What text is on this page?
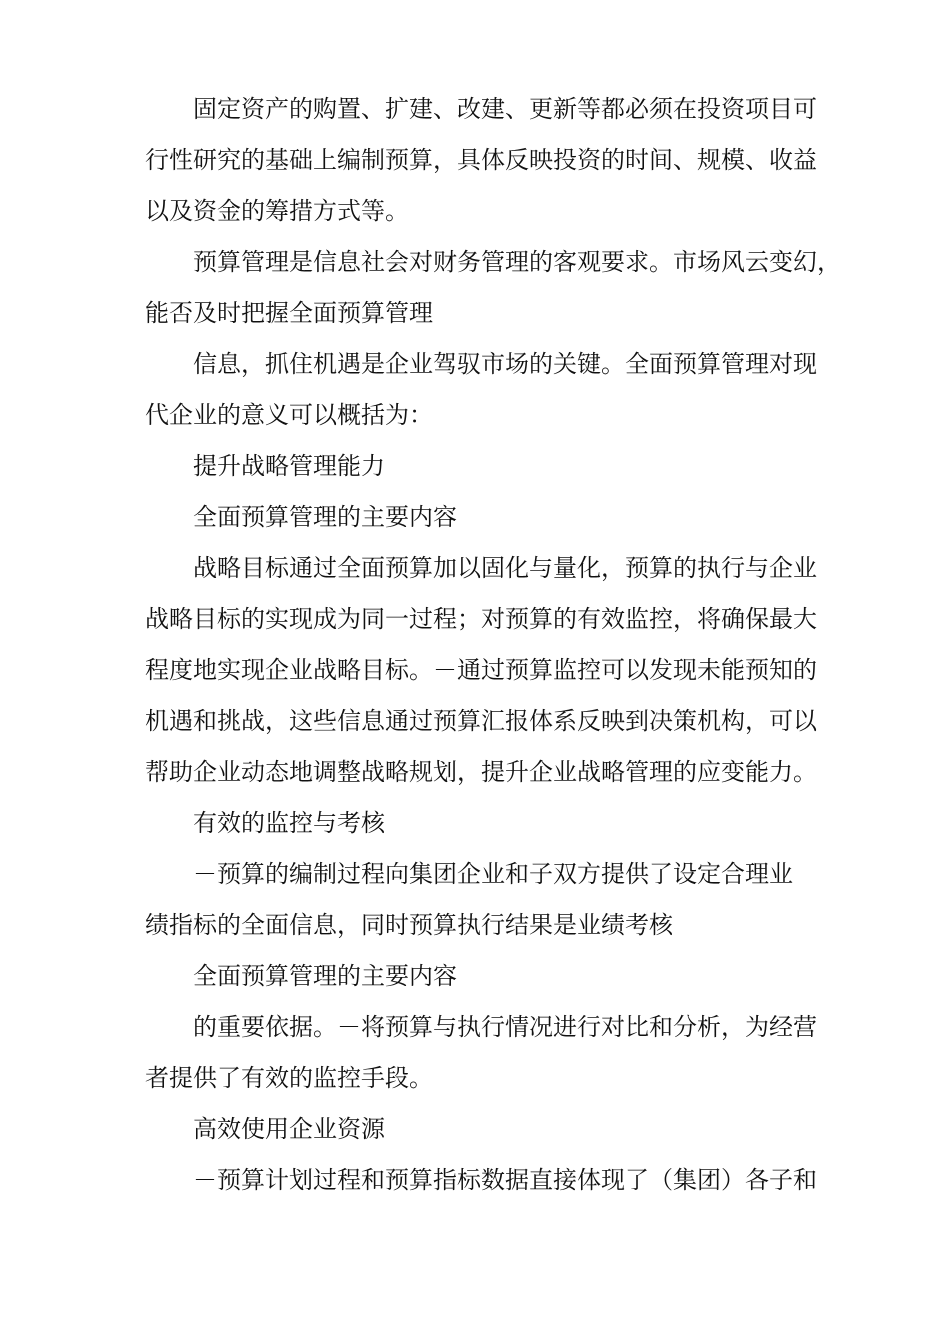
固定资产的购置、扩建、改建、更新等都必须在投资项目可
行性研究的基础上编制预算，具体反映投资的时间、规模、收益
以及资金的筹措方式等。

预算管理是信息社会对财务管理的客观要求。市场风云变幻，
能否及时把握全面预算管理

信息，抓住机遇是企业驾驭市场的关键。全面预算管理对现
代企业的意义可以概括为：

提升战略管理能力

全面预算管理的主要内容

战略目标通过全面预算加以固化与量化，预算的执行与企业
战略目标的实现成为同一过程；对预算的有效监控，将确保最大
程度地实现企业战略目标。－通过预算监控可以发现未能预知的
机遇和挑战，这些信息通过预算汇报体系反映到决策机构，可以
帮助企业动态地调整战略规划，提升企业战略管理的应变能力。

有效的监控与考核

－预算的编制过程向集团企业和子双方提供了设定合理业
绩指标的全面信息，同时预算执行结果是业绩考核

全面预算管理的主要内容

的重要依据。－将预算与执行情况进行对比和分析，为经营
者提供了有效的监控手段。

高效使用企业资源

－预算计划过程和预算指标数据直接体现了（集团）各子和
